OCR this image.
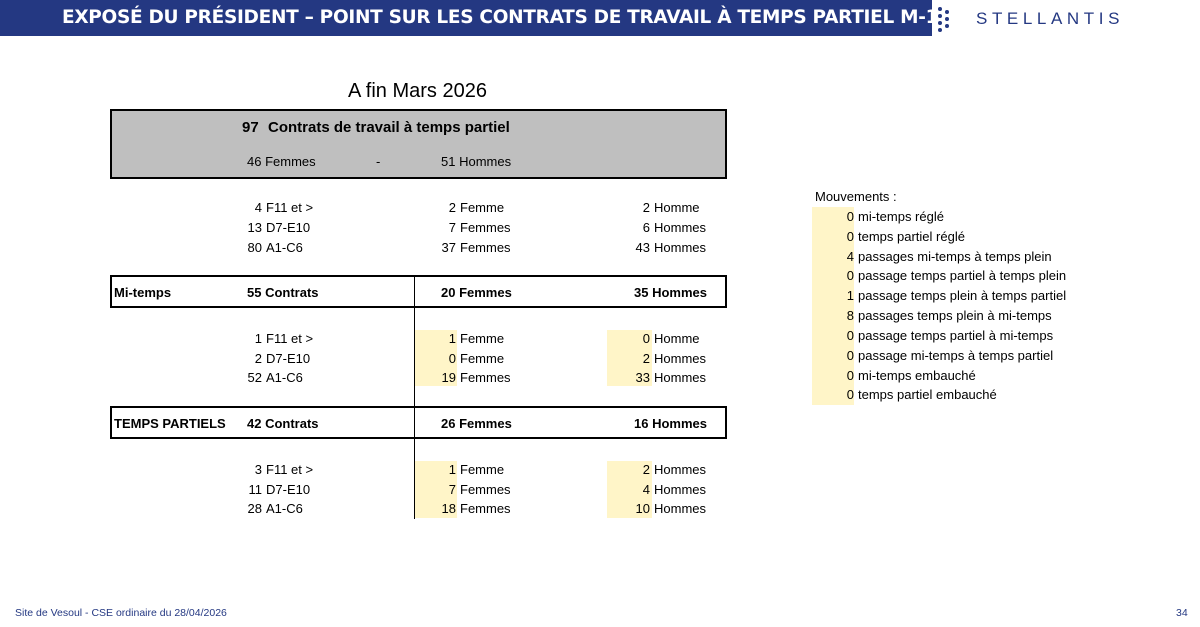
EXPOSÉ DU PRÉSIDENT – POINT SUR LES CONTRATS DE TRAVAIL À TEMPS PARTIEL M-1 STELLANTIS
A fin Mars 2026
97 Contrats de travail à temps partiel
46 Femmes	-	51 Hommes
4 F11 et >	2 Femme	2 Homme
13 D7-E10	7 Femmes	6 Hommes
80 A1-C6	37 Femmes	43 Hommes
Mi-temps	55 Contrats	20 Femmes	35 Hommes
1 F11 et >	1 Femme	0 Homme
2 D7-E10	0 Femme	2 Hommes
52 A1-C6	19 Femmes	33 Hommes
TEMPS PARTIELS 42 Contrats	26 Femmes	16 Hommes
3 F11 et >	1 Femme	2 Hommes
11 D7-E10	7 Femmes	4 Hommes
28 A1-C6	18 Femmes	10 Hommes
Mouvements :
0 mi-temps réglé
0 temps partiel réglé
4 passages mi-temps à temps plein
0 passage temps partiel à temps plein
1 passage temps plein à temps partiel
8 passages temps plein à mi-temps
0 passage temps partiel à mi-temps
0 passage mi-temps à temps partiel
0 mi-temps embauché
0 temps partiel embauché
Site de Vesoul - CSE ordinaire du 28/04/2026	34
